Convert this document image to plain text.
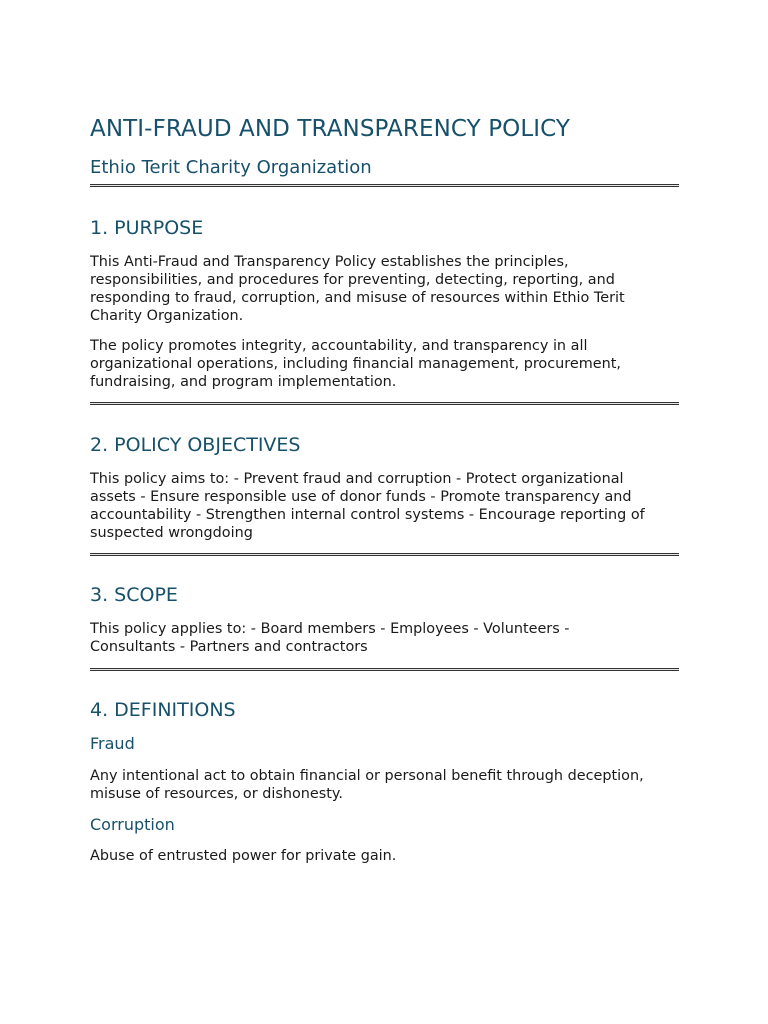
ANTI-FRAUD AND TRANSPARENCY POLICY
Ethio Terit Charity Organization
1. PURPOSE

This Anti-Fraud and Transparency Policy establishes the principles,
responsibilities, and procedures for preventing, detecting, reporting, and
responding to fraud, corruption, and misuse of resources within Ethio Terit
Charity Organization.

The policy promotes integrity, accountability, and transparency in all
organizational operations, including financial management, procurement,
fundraising, and program implementation.

2. POLICY OBJECTIVES

This policy aims to: - Prevent fraud and corruption - Protect organizational
assets - Ensure responsible use of donor funds - Promote transparency and
accountability - Strengthen internal control systems - Encourage reporting of
suspected wrongdoing

3. SCOPE

This policy applies to: - Board members - Employees - Volunteers -
Consultants - Partners and contractors

4. DEFINITIONS
Fraud

Any intentional act to obtain financial or personal benefit through deception,
misuse of resources, or dishonesty.

Corruption

Abuse of entrusted power for private gain.
